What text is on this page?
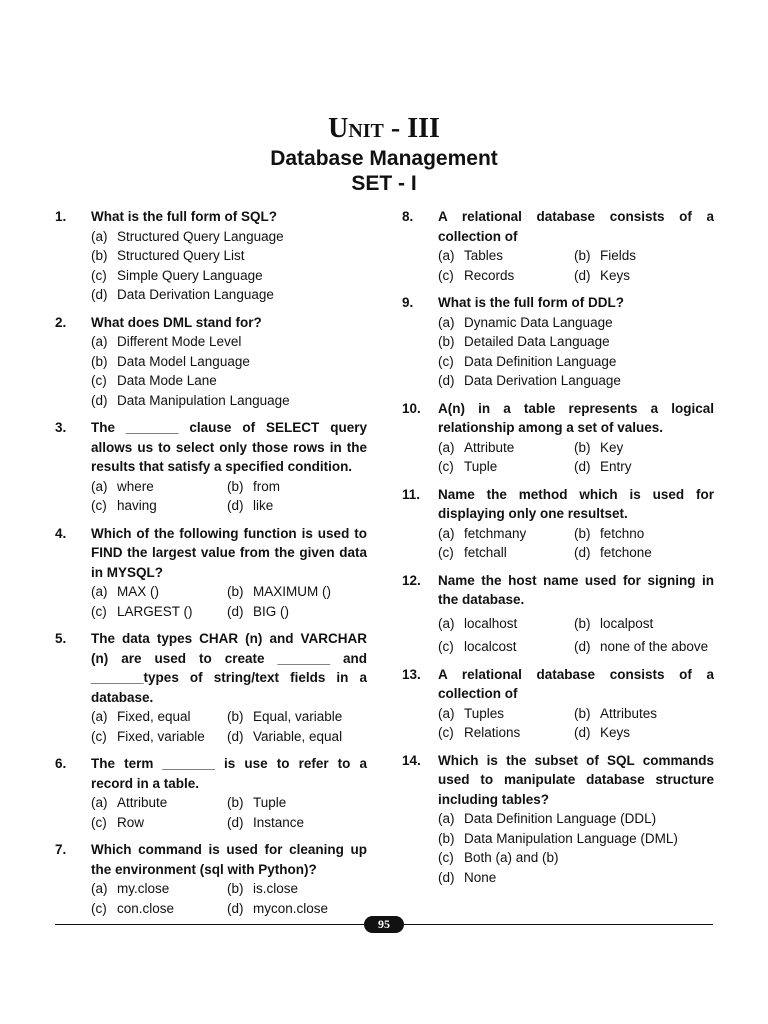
Unit - III
Database Management
SET - I
1. What is the full form of SQL?
(a) Structured Query Language
(b) Structured Query List
(c) Simple Query Language
(d) Data Derivation Language
2. What does DML stand for?
(a) Different Mode Level
(b) Data Model Language
(c) Data Mode Lane
(d) Data Manipulation Language
3. The _______ clause of SELECT query allows us to select only those rows in the results that satisfy a specified condition.
(a) where	(b) from
(c) having	(d) like
4. Which of the following function is used to FIND the largest value from the given data in MYSQL?
(a) MAX ()	(b) MAXIMUM ()
(c) LARGEST ()	(d) BIG ()
5. The data types CHAR (n) and VARCHAR (n) are used to create _______ and _______types of string/text fields in a database.
(a) Fixed, equal	(b) Equal, variable
(c) Fixed, variable	(d) Variable, equal
6. The term _______ is use to refer to a record in a table.
(a) Attribute	(b) Tuple
(c) Row	(d) Instance
7. Which command is used for cleaning up the environment (sql with Python)?
(a) my.close	(b) is.close
(c) con.close	(d) mycon.close
8. A relational database consists of a collection of
(a) Tables	(b) Fields
(c) Records	(d) Keys
9. What is the full form of DDL?
(a) Dynamic Data Language
(b) Detailed Data Language
(c) Data Definition Language
(d) Data Derivation Language
10. A(n) in a table represents a logical relationship among a set of values.
(a) Attribute	(b) Key
(c) Tuple	(d) Entry
11. Name the method which is used for displaying only one resultset.
(a) fetchmany	(b) fetchno
(c) fetchall	(d) fetchone
12. Name the host name used for signing in the database.
(a) localhost	(b) localpost
(c) localcost	(d) none of the above
13. A relational database consists of a collection of
(a) Tuples	(b) Attributes
(c) Relations	(d) Keys
14. Which is the subset of SQL commands used to manipulate database structure including tables?
(a) Data Definition Language (DDL)
(b) Data Manipulation Language (DML)
(c) Both (a) and (b)
(d) None
95
